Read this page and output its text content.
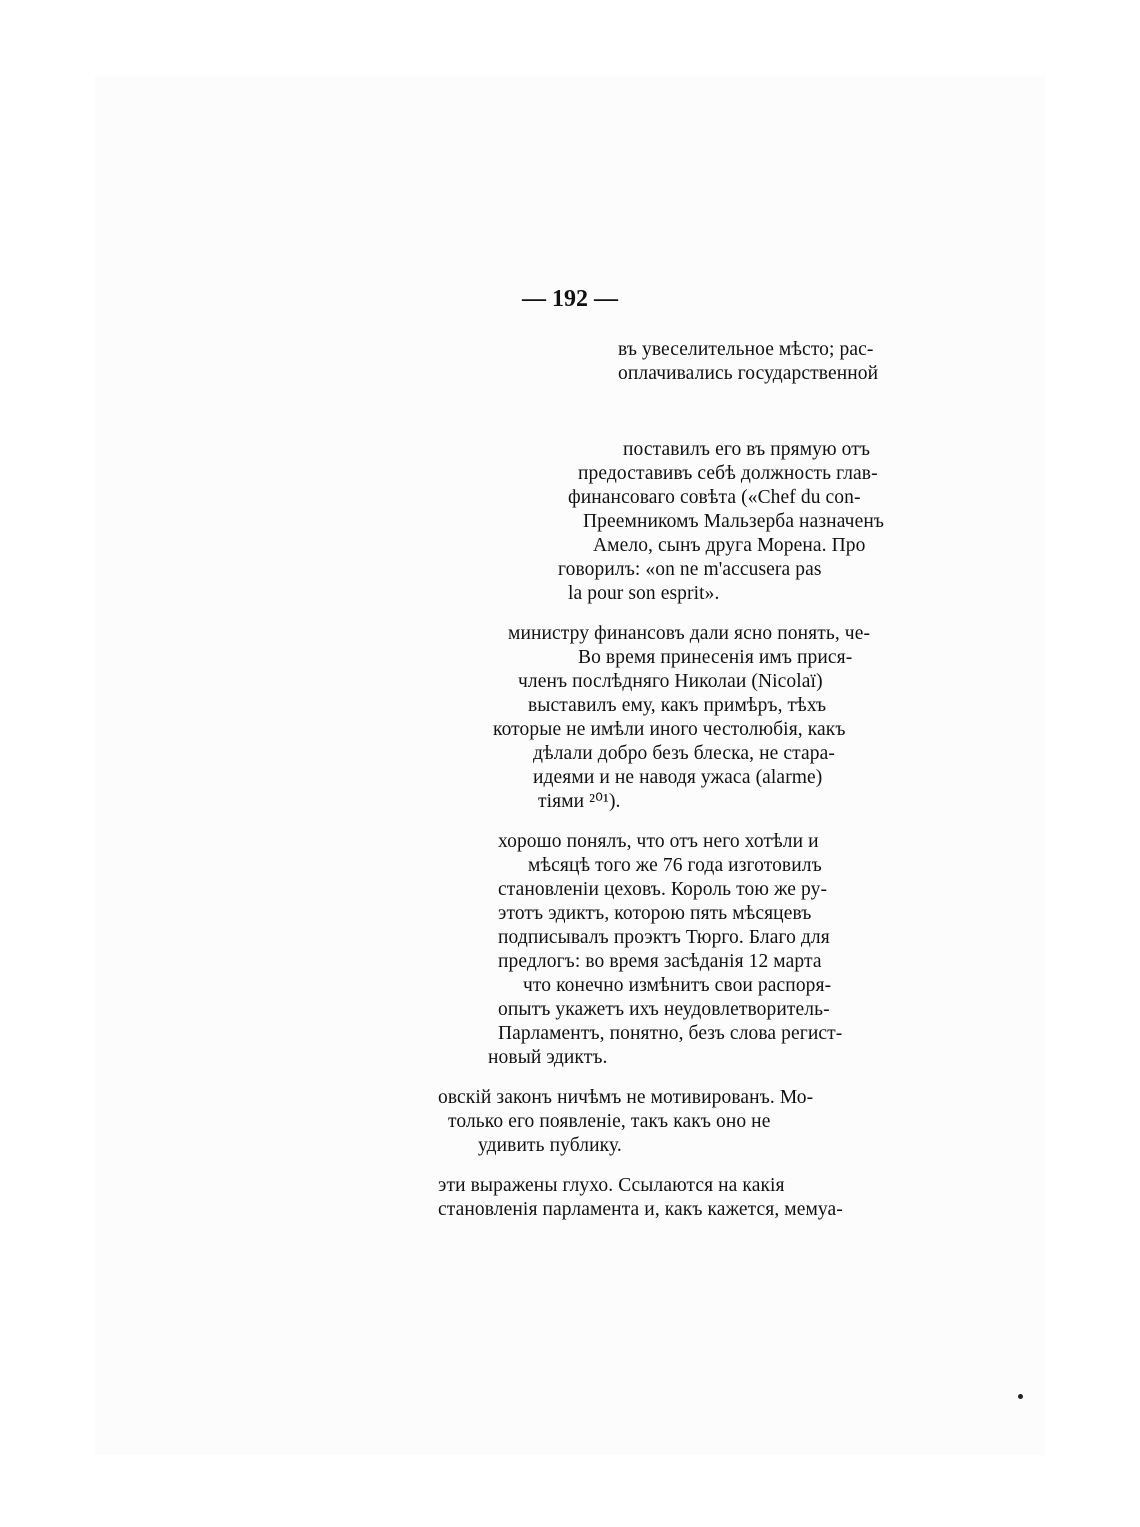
— 192 —
въ увеселительное мѣсто; рас-
оплачивались государственной
поставилъ его въ прямую отъ
предоставивъ себѣ должность глав-
финансоваго совѣта («Chef du con-
Преемникомъ Мальзерба назначенъ
Амело, сынъ друга Морена. Про
говорилъ: «on ne m'accusera pas
la pour son esprit».
министру финансовъ дали ясно понять, че-
Во время принесенія имъ прися-
членъ послѣдняго Николаи (Nicolaï)
выставилъ ему, какъ примѣръ, тѣхъ
которые не имѣли иного честолюбія, какъ
дѣлали добро безъ блеска, не стара-
идеями и не наводя ужаса (alarme)
тіями ²⁰¹).
хорошо понялъ, что отъ него хотѣли и
мѣсяцѣ того же 76 года изготовилъ
становленіи цеховъ. Король тою же ру-
этотъ эдиктъ, которою пять мѣсяцевъ
подписывалъ проэктъ Тюрго. Благо для
предлогъ: во время засѣданія 12 марта
что конечно измѣнитъ свои распоря-
опытъ укажетъ ихъ неудовлетворитель-
Парламентъ, понятно, безъ слова регист-
новый эдиктъ.
овскій законъ ничѣмъ не мотивированъ. Мо-
только его появленіе, такъ какъ оно не
удивить публику.
эти выражены глухо. Ссылаются на какія
становленія парламента и, какъ кажется, мемуа-
